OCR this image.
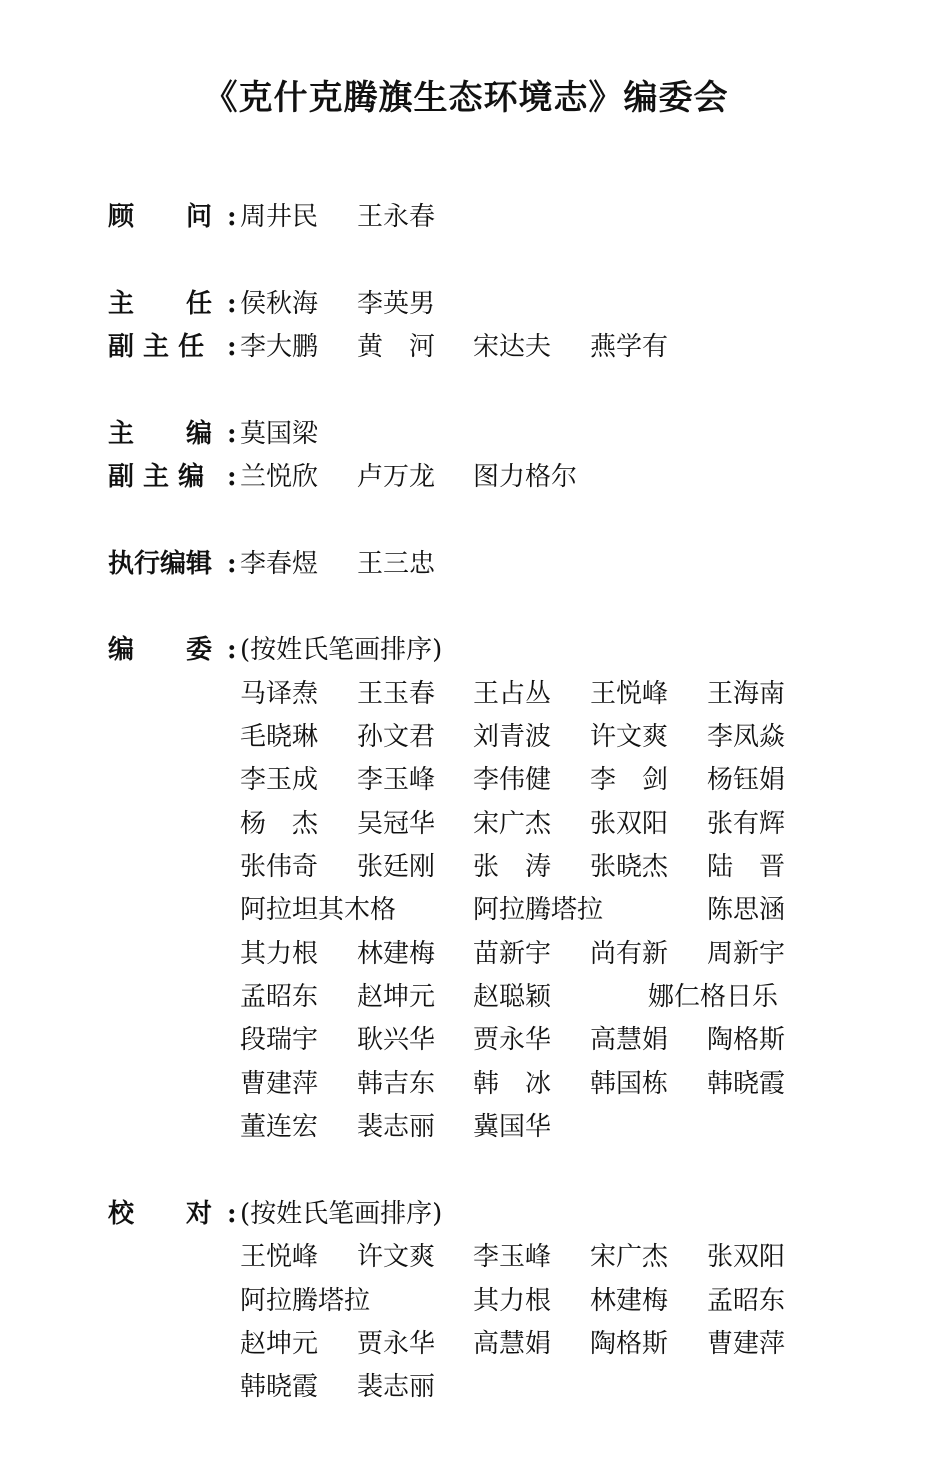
《克什克腾旗生态环境志》编委会
顾　　问 : 周井民 王永春
主　　任 : 侯秋海 李英男
副 主 任 : 李大鹏 黄　河 宋达夫 燕学有
主　　编 : 莫国梁
副 主 编 : 兰悦欣 卢万龙 图力格尔
执行编辑 : 李春煜 王三忠
编　　委 : (按姓氏笔画排序)
马译焘 王玉春 王占丛 王悦峰 王海南
毛晓琳 孙文君 刘青波 许文爽 李凤焱
李玉成 李玉峰 李伟健 李　剑 杨钰娟
杨　杰 吴冠华 宋广杰 张双阳 张有辉
张伟奇 张廷刚 张　涛 张晓杰 陆　晋
阿拉坦其木格	阿拉腾塔拉	陈思涵
其力根 林建梅 苗新宇 尚有新 周新宇
孟昭东 赵坤元 赵聪颖	娜仁格日乐
段瑞宇 耿兴华 贾永华 高慧娟 陶格斯
曹建萍 韩吉东 韩　冰 韩国栋 韩晓霞
董连宏 裴志丽 冀国华
校　　对 : (按姓氏笔画排序)
王悦峰 许文爽 李玉峰 宋广杰 张双阳
阿拉腾塔拉	其力根 林建梅 孟昭东
赵坤元 贾永华 高慧娟 陶格斯 曹建萍
韩晓霞 裴志丽
